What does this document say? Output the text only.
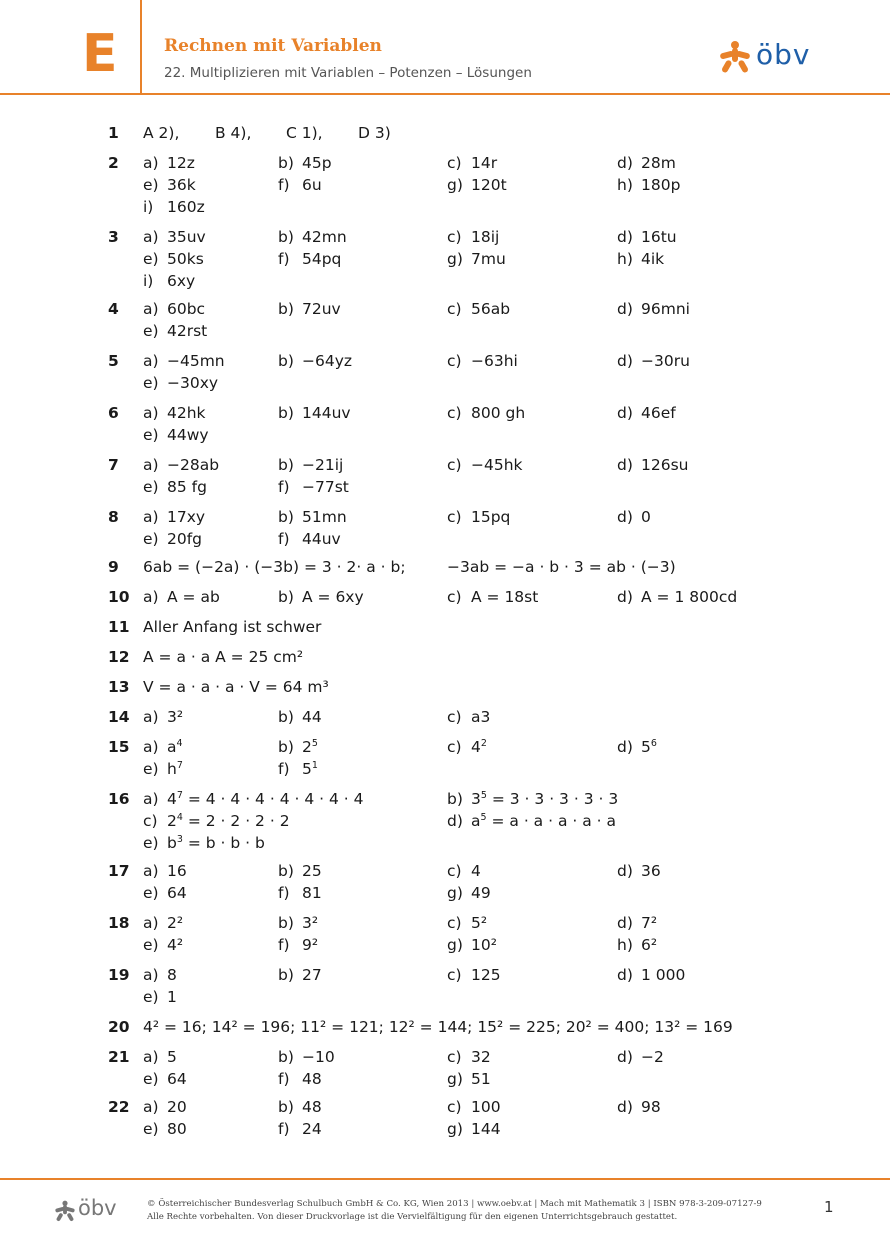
E	Rechnen mit Variablen
22. Multiplizieren mit Variablen – Potenzen – Lösungen
öbv
1 A 2), B 4), C 1), D 3)
2 a) 12z	b) 45p	c) 14r	d) 28m
e) 36k	f) 6u	g) 120t	h) 180p
i) 160z
3 a) 35uv	b) 42mn	c) 18ij	d) 16tu
e) 50ks	f) 54pq	g) 7mu	h) 4ik
i) 6xy
4 a) 60bc	b) 72uv	c) 56ab	d) 96mni
e) 42rst
5 a) −45mn	b) −64yz	c) −63hi	d) −30ru
e) −30xy
6 a) 42hk	b) 144uv	c) 800 gh	d) 46ef
e) 44wy
7 a) −28ab	b) −21ij	c) −45hk	d) 126su
e) 85 fg	f) −77st
8 a) 17xy	b) 51mn	c) 15pq	d) 0
e) 20fg	f) 44uv
9 6ab = (−2a) · (−3b) = 3 · 2· a · b;	−3ab = −a · b · 3 = ab · (−3)
10 a) A = ab	b) A = 6xy	c) A = 18st	d) A = 1 800cd
11 Aller Anfang ist schwer
12 A = a · a A = 25 cm²
13 V = a · a · a · V = 64 m³
14 a) 3²	b) 44	c) a3
15 a) $a^4$	b) $2^5$	c) $4^2$	d) $5^6$
e) $h^7$	f) $5^1$
16 a) $4^7 = 4 \cdot 4 \cdot 4 \cdot 4 \cdot 4 \cdot 4 \cdot 4$	b) $3^5 = 3 \cdot 3 \cdot 3 \cdot 3 \cdot 3$
c) $2^4 = 2 \cdot 2 \cdot 2 \cdot 2$	d) $a^5 = a \cdot a \cdot a \cdot a \cdot a$
e) $b^3 = b \cdot b \cdot b$
17 a) 16	b) 25	c) 4	d) 36
e) 64	f) 81	g) 49
18 a) 2²	b) 3²	c) 5²	d) 7²
e) 4²	f) 9²	g) 10²	h) 6²
19 a) 8	b) 27	c) 125	d) 1 000
e) 1
20 4² = 16; 14² = 196; 11² = 121; 12² = 144; 15² = 225; 20² = 400; 13² = 169
21 a) 5	b) −10	c) 32	d) −2
e) 64	f) 48	g) 51
22 a) 20	b) 48	c) 100	d) 98
e) 80	f) 24	g) 144
öbv	© Österreichischer Bundesverlag Schulbuch GmbH & Co. KG, Wien 2013 | www.oebv.at | Mach mit Mathematik 3 | ISBN 978-3-209-07127-9
Alle Rechte vorbehalten. Von dieser Druckvorlage ist die Vervielfältigung für den eigenen Unterrichtsgebrauch gestattet.
1
